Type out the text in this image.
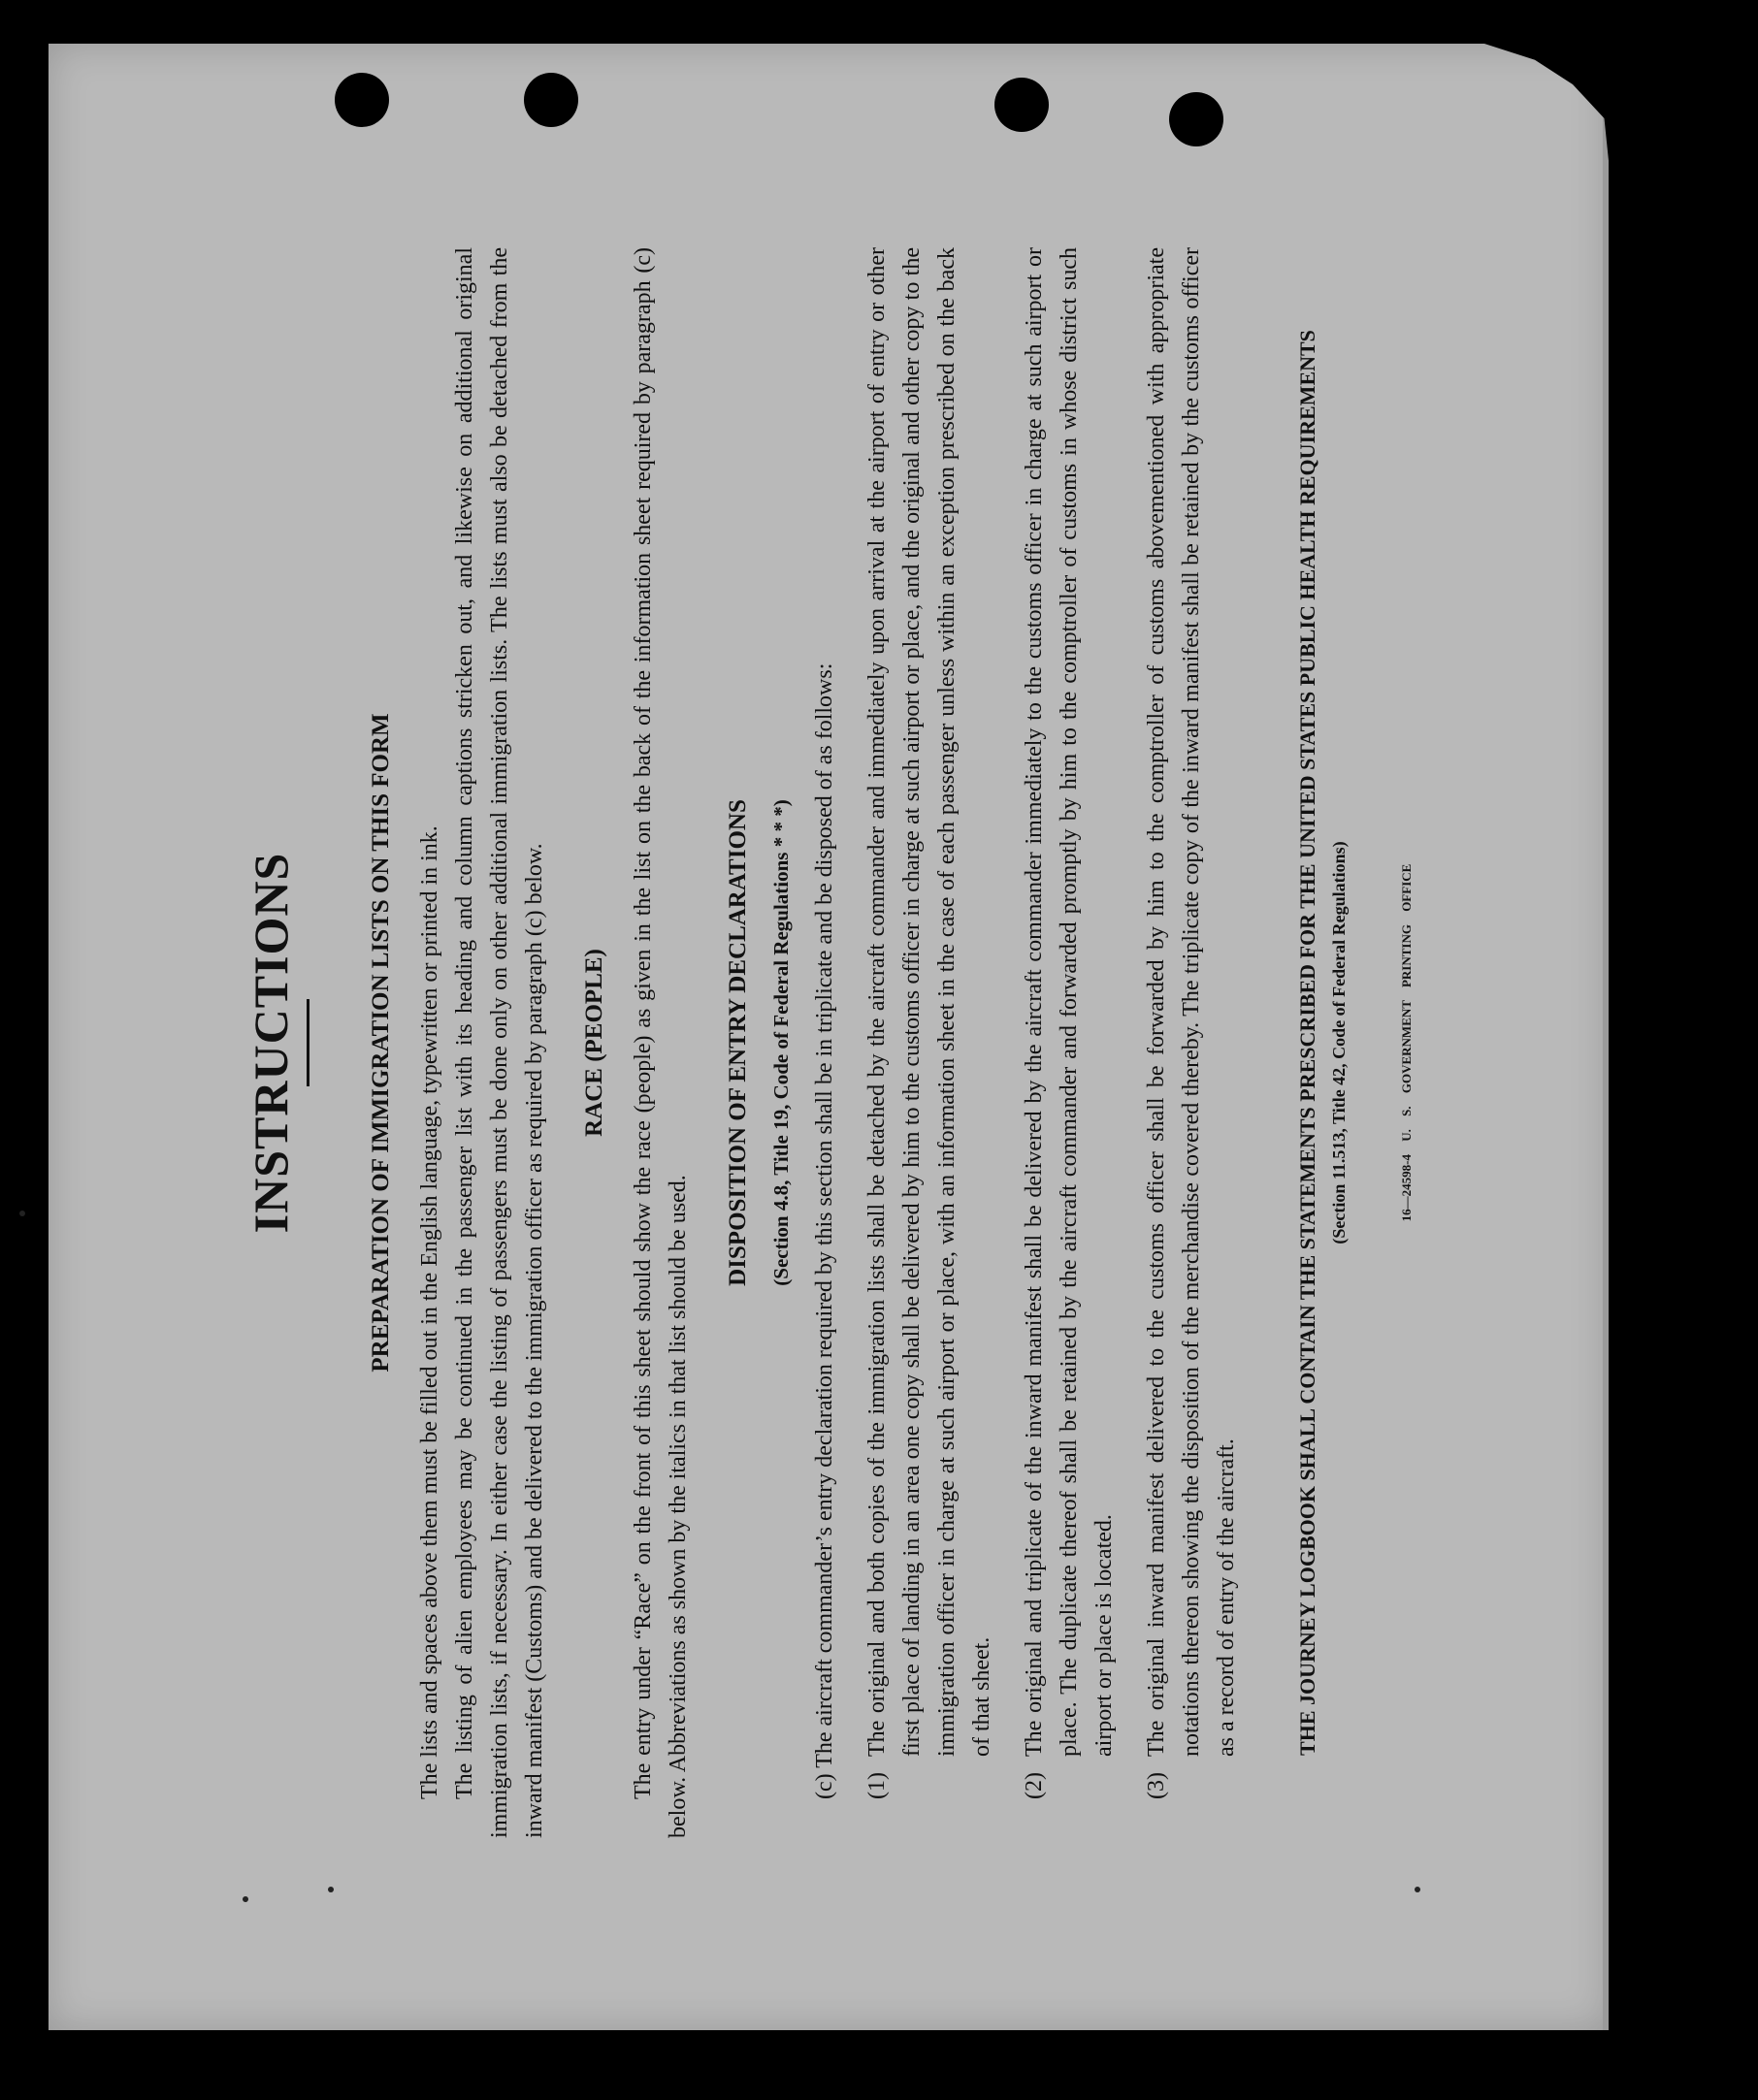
INSTRUCTIONS	PREPARATION OF IMMIGRATION LISTS ON THIS FORM The lists and spaces above them must be filled out in the English language, typewritten or printed in ink. The listing of alien employees may be continued in the passenger list with its heading and column captions stricken out, and likewise on additional original immigration lists, if necessary. In either case the listing of passengers must be done only on other additional immigration lists. The lists must also be detached from the inward manifest (Customs) and be delivered to the immigration officer as required by paragraph (c) below. RACE (PEOPLE) The entry under “Race” on the front of this sheet should show the race (people) as given in the list on the back of the information sheet required by paragraph (c) below. Abbreviations as shown by the italics in that list should be used.

DISPOSITION OF ENTRY DECLARATIONS (Section 4.8, Title 19, Code of Federal Regulations * * *) (c) The aircraft commander’s entry declaration required by this section shall be in triplicate and be disposed of as follows: (1)

The original and both copies of the immigration lists shall be detached by the aircraft commander and immediately upon arrival at the airport of entry or other first place of landing in an area one copy shall be delivered by him to the customs officer in charge at such airport or place, and the original and other copy to the immigration officer in charge at such airport or place, with an information sheet in the case of each passenger unless within an exception prescribed on the back of that sheet.

(2)

The original and triplicate of the inward manifest shall be delivered by the aircraft commander immediately to the customs officer in charge at such airport or place. The duplicate thereof shall be retained by the aircraft commander and forwarded promptly by him to the comptroller of customs in whose district such airport or place is located.

(3)

The original inward manifest delivered to the customs officer shall be forwarded by him to the comptroller of customs abovementioned with appropriate notations thereon showing the disposition of the merchandise covered thereby. The triplicate copy of the inward manifest shall be retained by the customs officer as a record of entry of the aircraft.	THE JOURNEY LOGBOOK SHALL CONTAIN THE STATEMENTS PRESCRIBED FOR THE UNITED STATES PUBLIC HEALTH REQUIREMENTS (Section 11.513, Title 42, Code of Federal Regulations)	16—24598-4 U. S. GOVERNMENT PRINTING OFFICE
